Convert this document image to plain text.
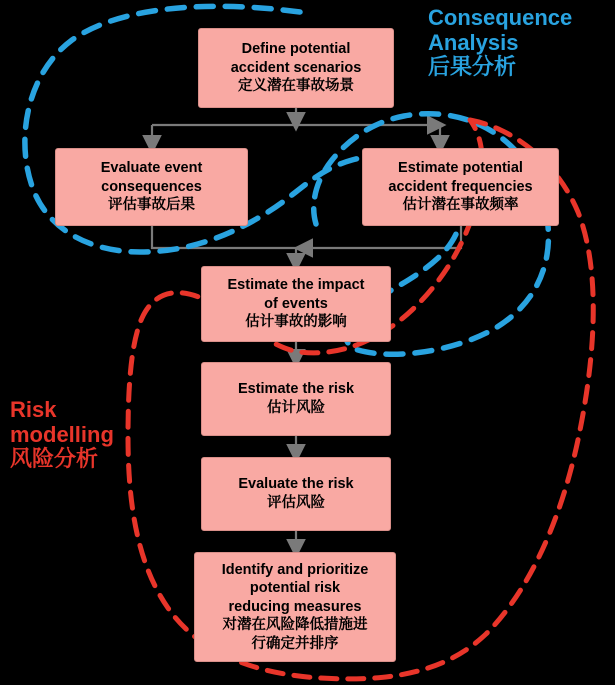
Define potential
accident scenarios
定义潜在事故场景
Evaluate event
consequences
评估事故后果
Estimate potential
accident frequencies
估计潜在事故频率
Estimate the impact
of events
估计事故的影响
Estimate the risk
估计风险
Evaluate the risk
评估风险
Identify and prioritize
potential risk
reducing measures
对潜在风险降低措施进
行确定并排序
Consequence
Analysis
后果分析
Risk
modelling
风险分析
